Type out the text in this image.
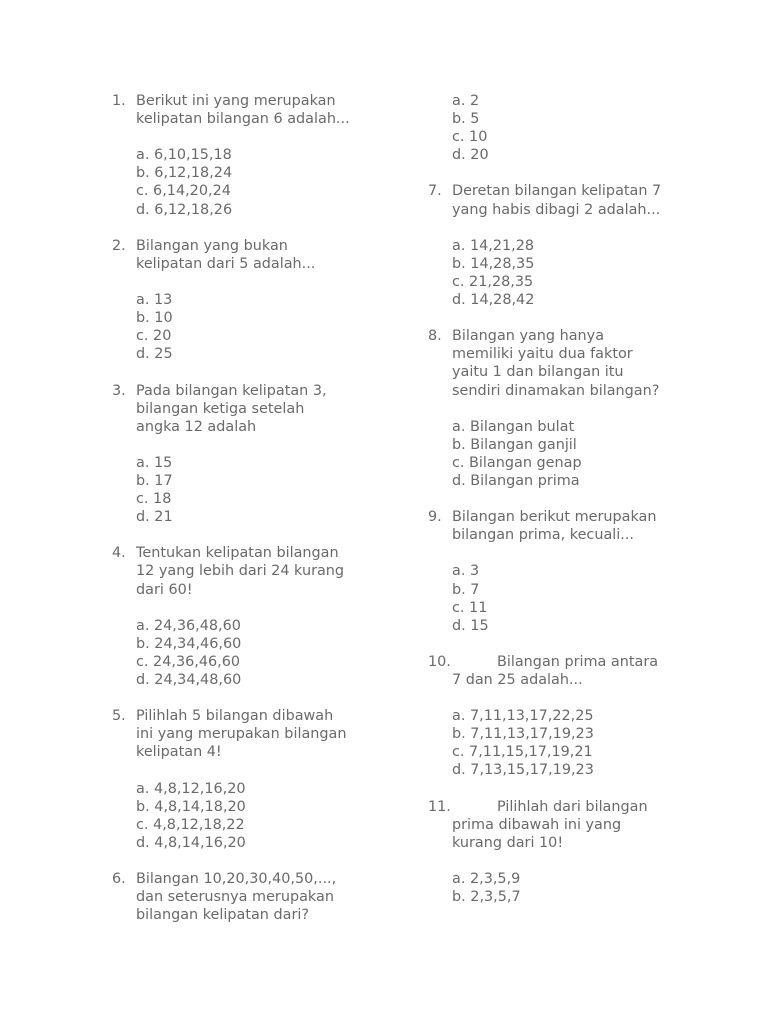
1. Berikut ini yang merupakan
kelipatan bilangan 6 adalah...
a. 6,10,15,18
b. 6,12,18,24
c. 6,14,20,24
d. 6,12,18,26
2. Bilangan yang bukan
kelipatan dari 5 adalah...
a. 13
b. 10
c. 20
d. 25
3. Pada bilangan kelipatan 3,
bilangan ketiga setelah
angka 12 adalah
a. 15
b. 17
c. 18
d. 21
4. Tentukan kelipatan bilangan
12 yang lebih dari 24 kurang
dari 60!
a. 24,36,48,60
b. 24,34,46,60
c. 24,36,46,60
d. 24,34,48,60
5. Pilihlah 5 bilangan dibawah
ini yang merupakan bilangan
kelipatan 4!
a. 4,8,12,16,20
b. 4,8,14,18,20
c. 4,8,12,18,22
d. 4,8,14,16,20
6. Bilangan 10,20,30,40,50,...,
dan seterusnya merupakan
bilangan kelipatan dari?
a. 2
b. 5
c. 10
d. 20
7. Deretan bilangan kelipatan 7
yang habis dibagi 2 adalah...
a. 14,21,28
b. 14,28,35
c. 21,28,35
d. 14,28,42
8. Bilangan yang hanya
memiliki yaitu dua faktor
yaitu 1 dan bilangan itu
sendiri dinamakan bilangan?
a. Bilangan bulat
b. Bilangan ganjil
c. Bilangan genap
d. Bilangan prima
9. Bilangan berikut merupakan
bilangan prima, kecuali...
a. 3
b. 7
c. 11
d. 15
10.	Bilangan prima antara
7 dan 25 adalah...
a. 7,11,13,17,22,25
b. 7,11,13,17,19,23
c. 7,11,15,17,19,21
d. 7,13,15,17,19,23
11.	Pilihlah dari bilangan
prima dibawah ini yang
kurang dari 10!
a. 2,3,5,9
b. 2,3,5,7
